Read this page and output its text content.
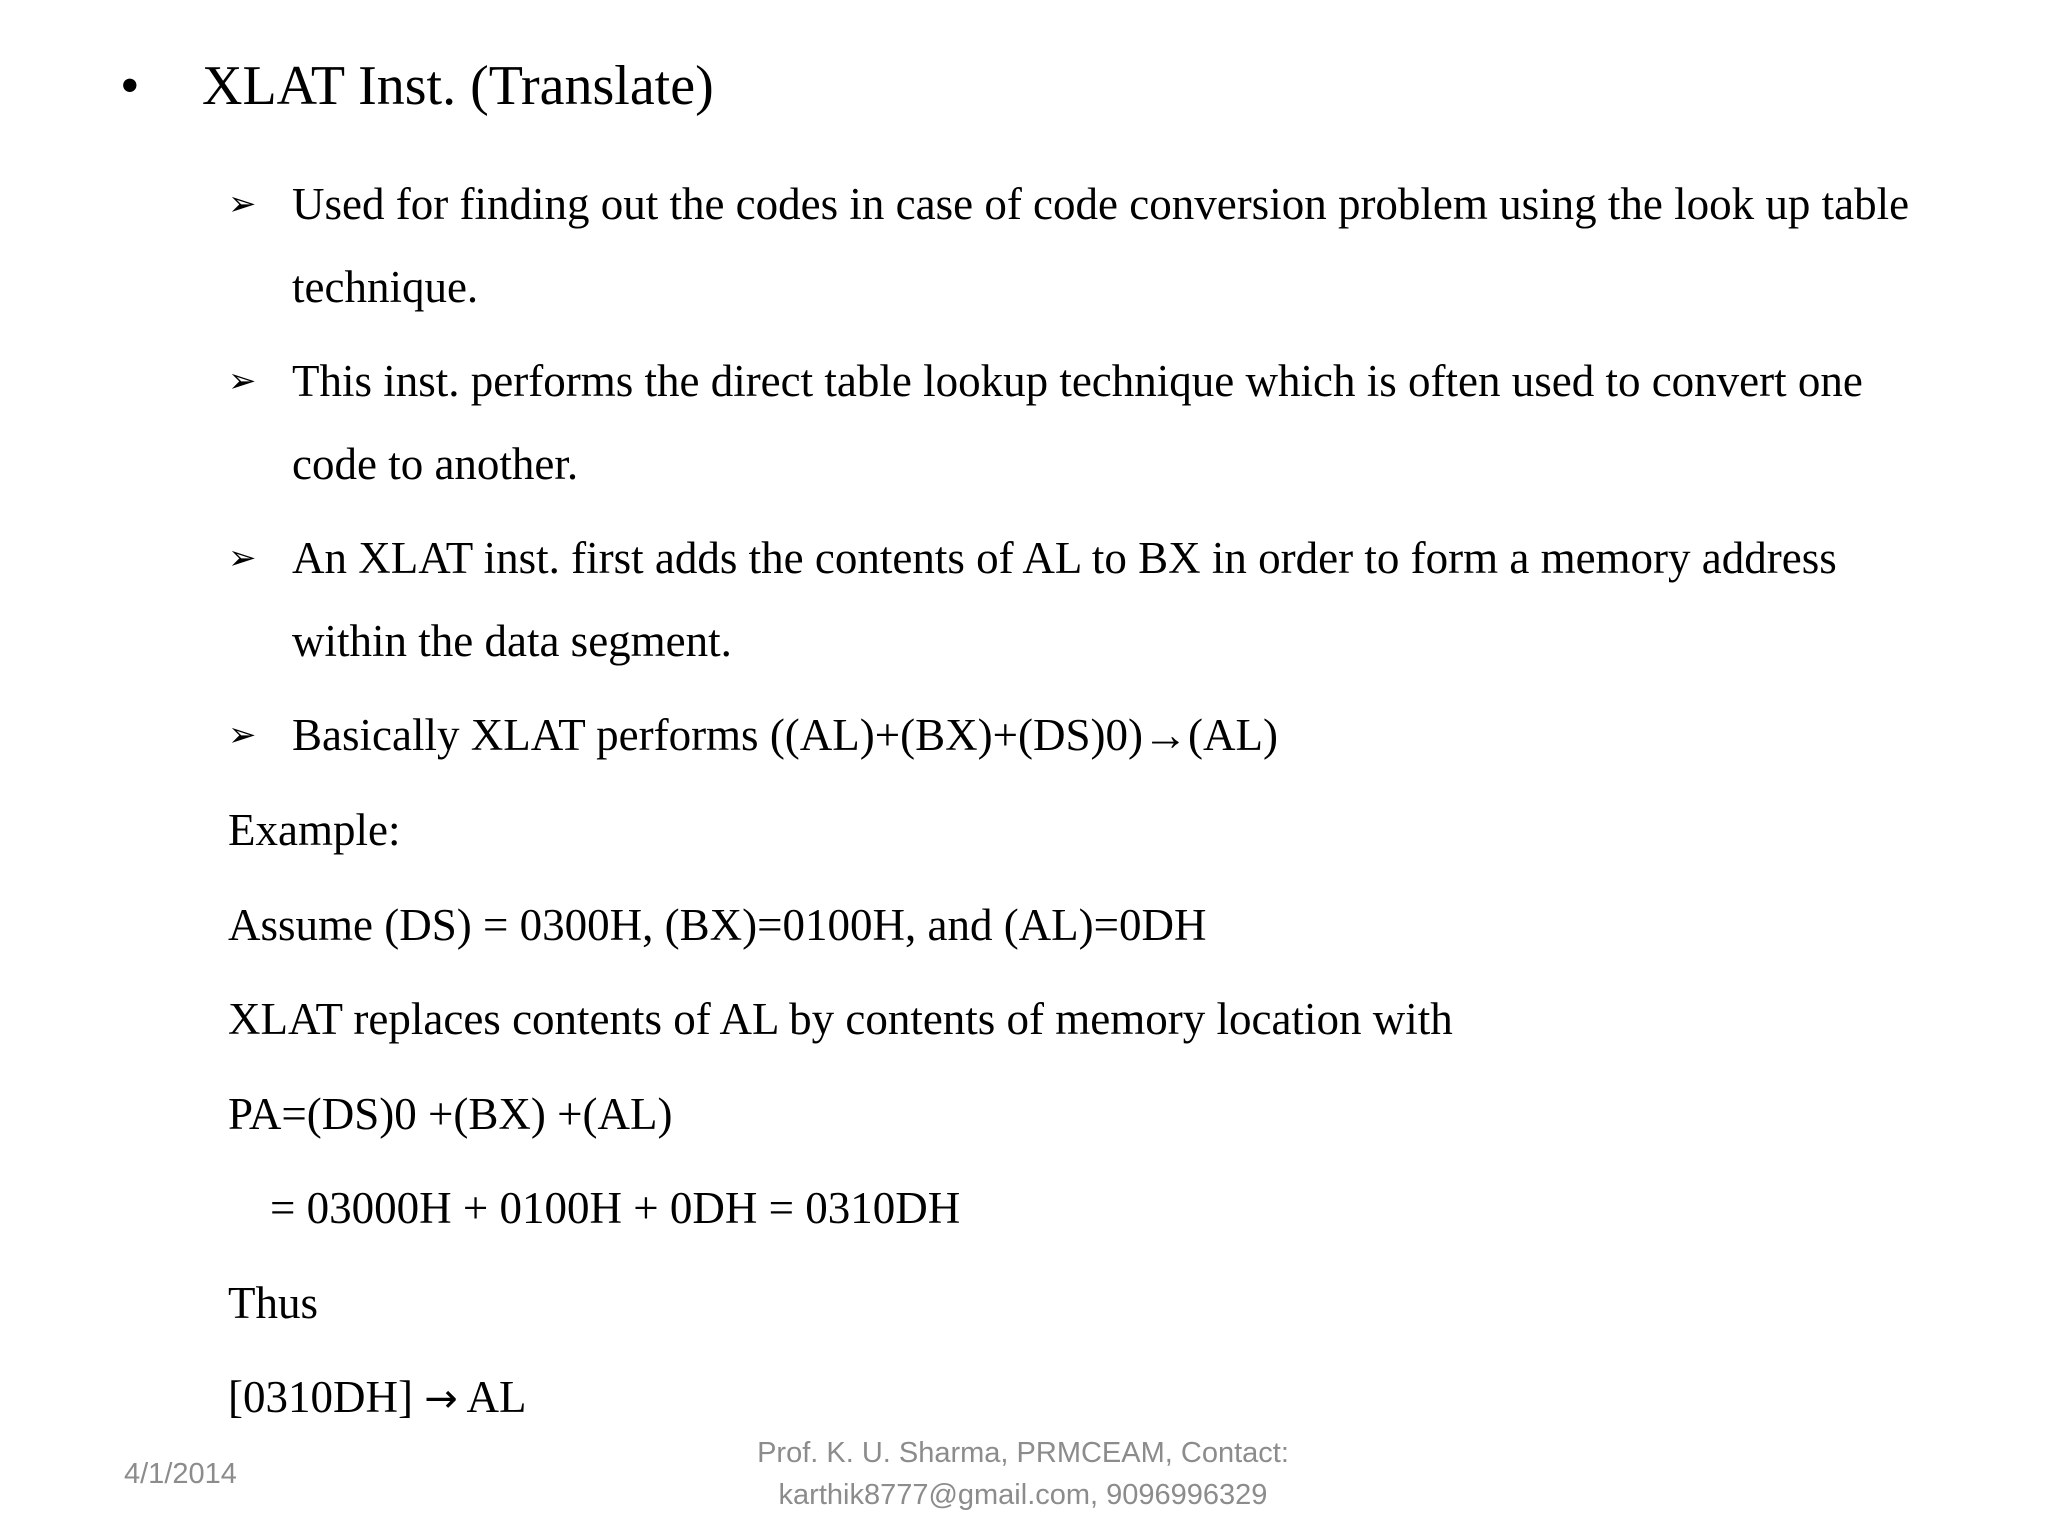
• XLAT Inst. (Translate)
➢ Used for finding out the codes in case of code conversion problem using the look up table technique.
➢ This inst. performs the direct table lookup technique which is often used to convert one code to another.
➢ An XLAT inst. first adds the contents of AL to BX in order to form a memory address within the data segment.
➢ Basically XLAT performs ((AL)+(BX)+(DS)0)→(AL)
Example:
Assume (DS) = 0300H, (BX)=0100H, and (AL)=0DH
XLAT replaces contents of AL by contents of memory location with
PA=(DS)0 +(BX) +(AL)
= 03000H + 0100H + 0DH = 0310DH
Thus
[0310DH] → AL
4/1/2014
Prof. K. U. Sharma, PRMCEAM, Contact:
karthik8777@gmail.com, 9096996329
